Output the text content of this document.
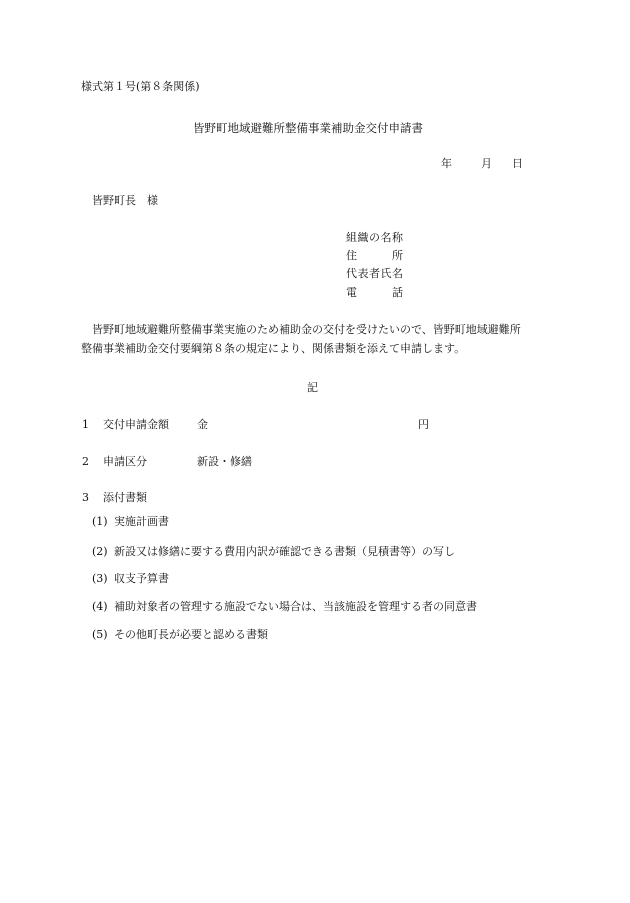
様式第１号(第８条関係)
皆野町地域避難所整備事業補助金交付申請書
年	月 日
皆野町長　様
組織の名称
住　　　所
代表者氏名
電　　　話

　皆野町地域避難所整備事業実施のため補助金の交付を受けたいので、皆野町地域避難所

整備事業補助金交付要綱第８条の規定により、関係書類を添えて申請します。

記
1 交付申請金額	金	円
2 申請区分	新設・修繕
3 添付書類
(1) 実施計画書
(2) 新設又は修繕に要する費用内訳が確認できる書類（見積書等）の写し
(3) 収支予算書
(4) 補助対象者の管理する施設でない場合は、当該施設を管理する者の同意書
(5) その他町長が必要と認める書類
